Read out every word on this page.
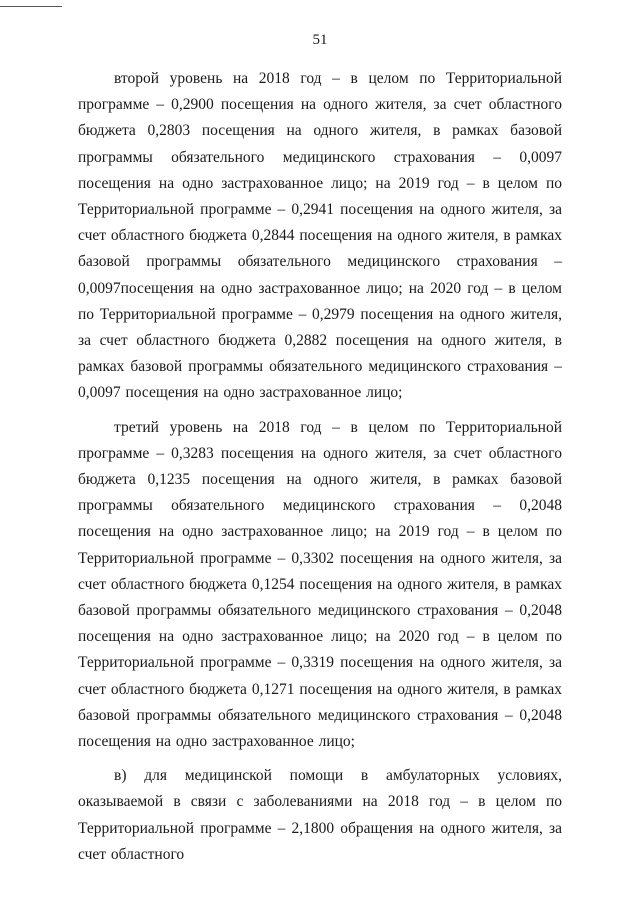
51

второй уровень на 2018 год – в целом по Территориальной программе – 0,2900 посещения на одного жителя, за счет областного бюджета 0,2803 посещения на одного жителя, в рамках базовой программы обязательного медицинского страхования – 0,0097 посещения на одно застрахованное лицо; на 2019 год – в целом по Территориальной программе – 0,2941 посещения на одного жителя, за счет областного бюджета 0,2844 посещения на одного жителя, в рамках базовой программы обязательного медицинского страхования – 0,0097посещения на одно застрахованное лицо; на 2020 год – в целом по Территориальной программе – 0,2979 посещения на одного жителя, за счет областного бюджета 0,2882 посещения на одного жителя, в рамках базовой программы обязательного медицинского страхования – 0,0097 посещения на одно застрахованное лицо;

третий уровень на 2018 год – в целом по Территориальной программе – 0,3283 посещения на одного жителя, за счет областного бюджета 0,1235 посещения на одного жителя, в рамках базовой программы обязательного медицинского страхования – 0,2048 посещения на одно застрахованное лицо; на 2019 год – в целом по Территориальной программе – 0,3302 посещения на одного жителя, за счет областного бюджета 0,1254 посещения на одного жителя, в рамках базовой программы обязательного медицинского страхования – 0,2048 посещения на одно застрахованное лицо; на 2020 год – в целом по Территориальной программе – 0,3319 посещения на одного жителя, за счет областного бюджета 0,1271 посещения на одного жителя, в рамках базовой программы обязательного медицинского страхования – 0,2048 посещения на одно застрахованное лицо;

в) для медицинской помощи в амбулаторных условиях, оказываемой в связи с заболеваниями на 2018 год – в целом по Территориальной программе – 2,1800 обращения на одного жителя, за счет областного
